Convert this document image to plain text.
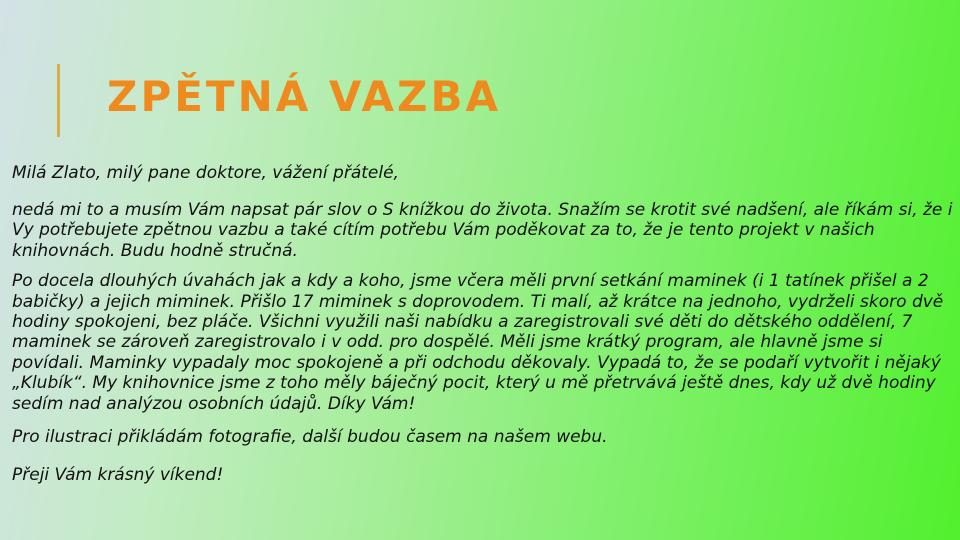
ZPĚTNÁ VAZBA

Milá Zlato, milý pane doktore, vážení přátelé,

nedá mi to a musím Vám napsat pár slov o S knížkou do života. Snažím se krotit své nadšení, ale říkám si, že i Vy potřebujete zpětnou vazbu a také cítím potřebu Vám poděkovat za to, že je tento projekt v našich knihovnách. Budu hodně stručná.

Po docela dlouhých úvahách jak a kdy a koho, jsme včera měli první setkání maminek (i 1 tatínek přišel a 2 babičky) a jejich miminek. Přišlo 17 miminek s doprovodem. Ti malí, až krátce na jednoho, vydrželi skoro dvě hodiny spokojeni, bez pláče. Všichni využili naši nabídku a zaregistrovali své děti do dětského oddělení, 7 maminek se zároveň zaregistrovalo i v odd. pro dospělé. Měli jsme krátký program, ale hlavně jsme si povídali. Maminky vypadaly moc spokojeně a při odchodu děkovaly. Vypadá to, že se podaří vytvořit i nějaký „Klubík“. My knihovnice jsme z toho měly báječný pocit, který u mě přetrvává ještě dnes, kdy už dvě hodiny sedím nad analýzou osobních údajů. Díky Vám!

Pro ilustraci přikládám fotografie, další budou časem na našem webu.

Přeji Vám krásný víkend!
